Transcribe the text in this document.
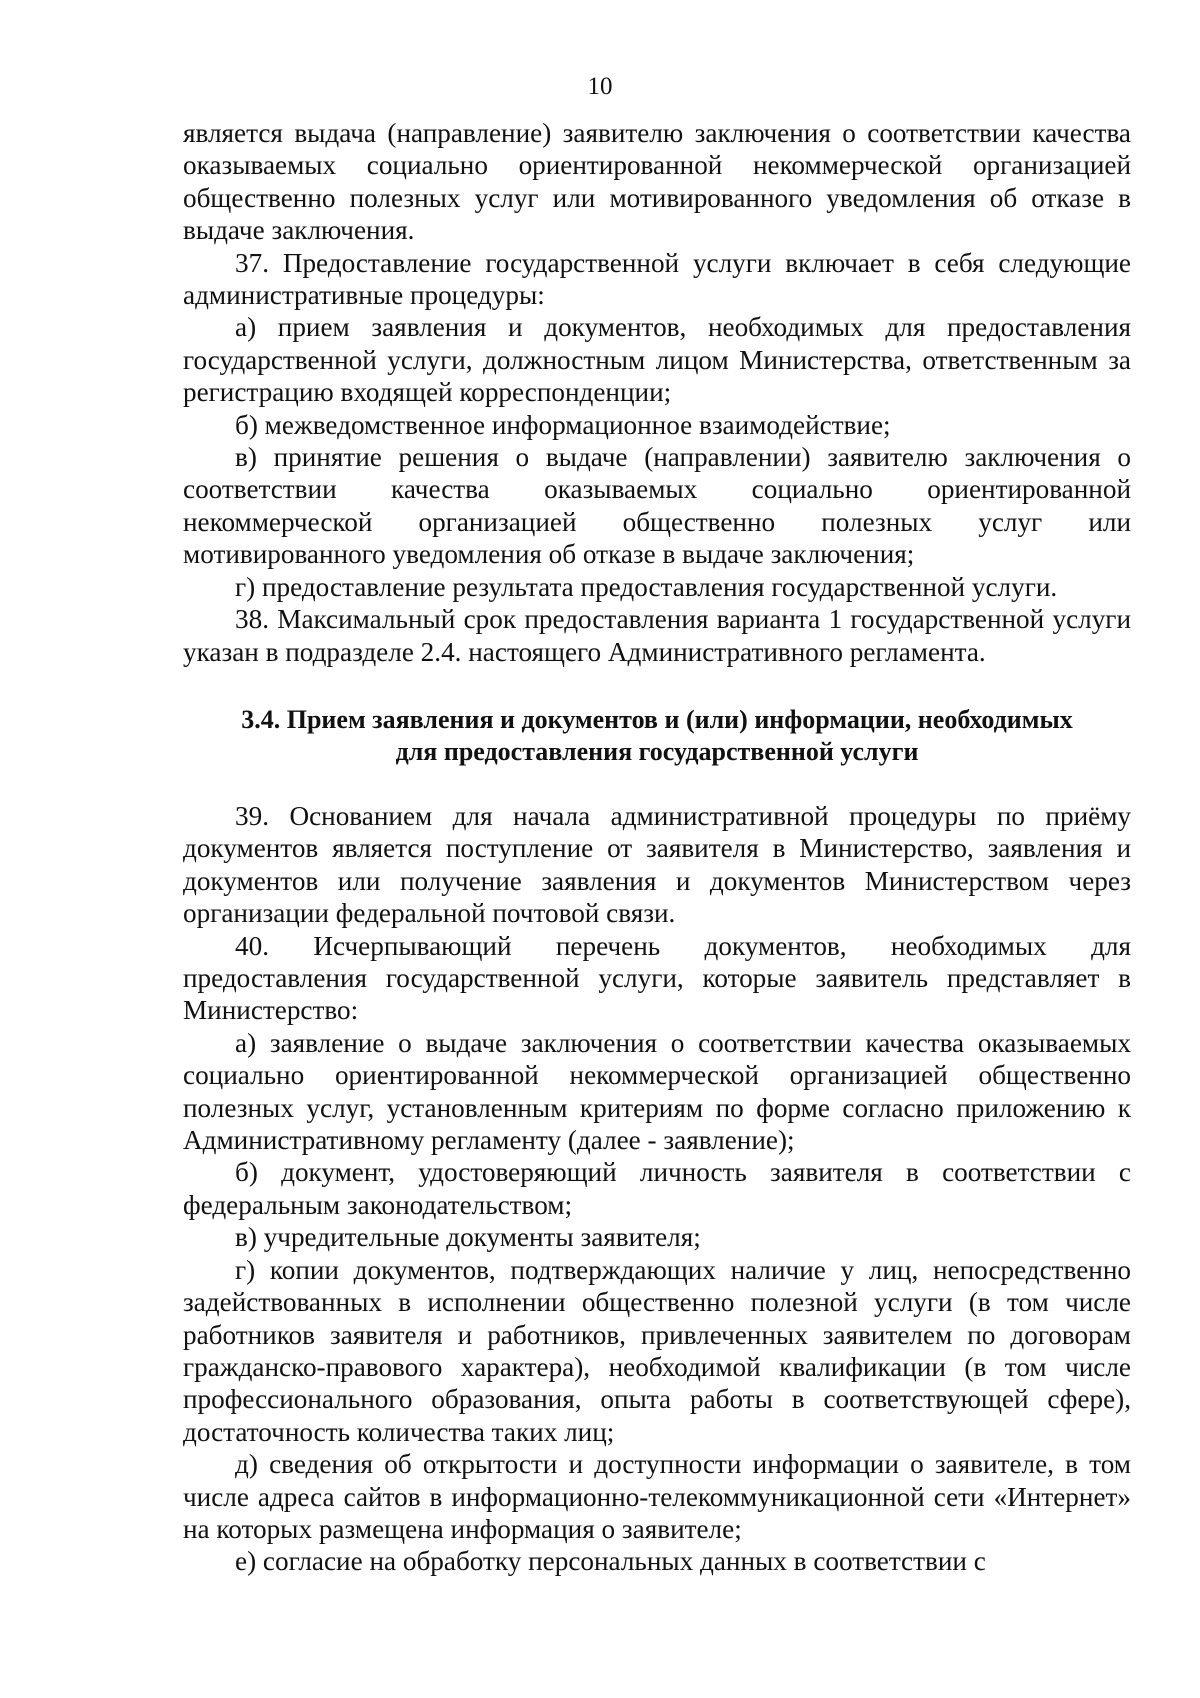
10

является выдача (направление) заявителю заключения о соответствии качества оказываемых социально ориентированной некоммерческой организацией общественно полезных услуг или мотивированного уведомления об отказе в выдаче заключения.

37. Предоставление государственной услуги включает в себя следующие административные процедуры:

а) прием заявления и документов, необходимых для предоставления государственной услуги, должностным лицом Министерства, ответственным за регистрацию входящей корреспонденции;

б) межведомственное информационное взаимодействие;

в) принятие решения о выдаче (направлении) заявителю заключения о соответствии качества оказываемых социально ориентированной некоммерческой организацией общественно полезных услуг или мотивированного уведомления об отказе в выдаче заключения;

г) предоставление результата предоставления государственной услуги.

38. Максимальный срок предоставления варианта 1 государственной услуги указан в подразделе 2.4. настоящего Административного регламента.

3.4. Прием заявления и документов и (или) информации, необходимых
для предоставления государственной услуги

39. Основанием для начала административной процедуры по приёму документов является поступление от заявителя в Министерство, заявления и документов или получение заявления и документов Министерством через организации федеральной почтовой связи.

40. Исчерпывающий перечень документов, необходимых для предоставления государственной услуги, которые заявитель представляет в Министерство:

а) заявление о выдаче заключения о соответствии качества оказываемых социально ориентированной некоммерческой организацией общественно полезных услуг, установленным критериям по форме согласно приложению к Административному регламенту (далее - заявление);

б) документ, удостоверяющий личность заявителя в соответствии с федеральным законодательством;

в) учредительные документы заявителя;

г) копии документов, подтверждающих наличие у лиц, непосредственно задействованных в исполнении общественно полезной услуги (в том числе работников заявителя и работников, привлеченных заявителем по договорам гражданско-правового характера), необходимой квалификации (в том числе профессионального образования, опыта работы в соответствующей сфере), достаточность количества таких лиц;

д) сведения об открытости и доступности информации о заявителе, в том числе адреса сайтов в информационно-телекоммуникационной сети «Интернет» на которых размещена информация о заявителе;

е) согласие на обработку персональных данных в соответствии с
